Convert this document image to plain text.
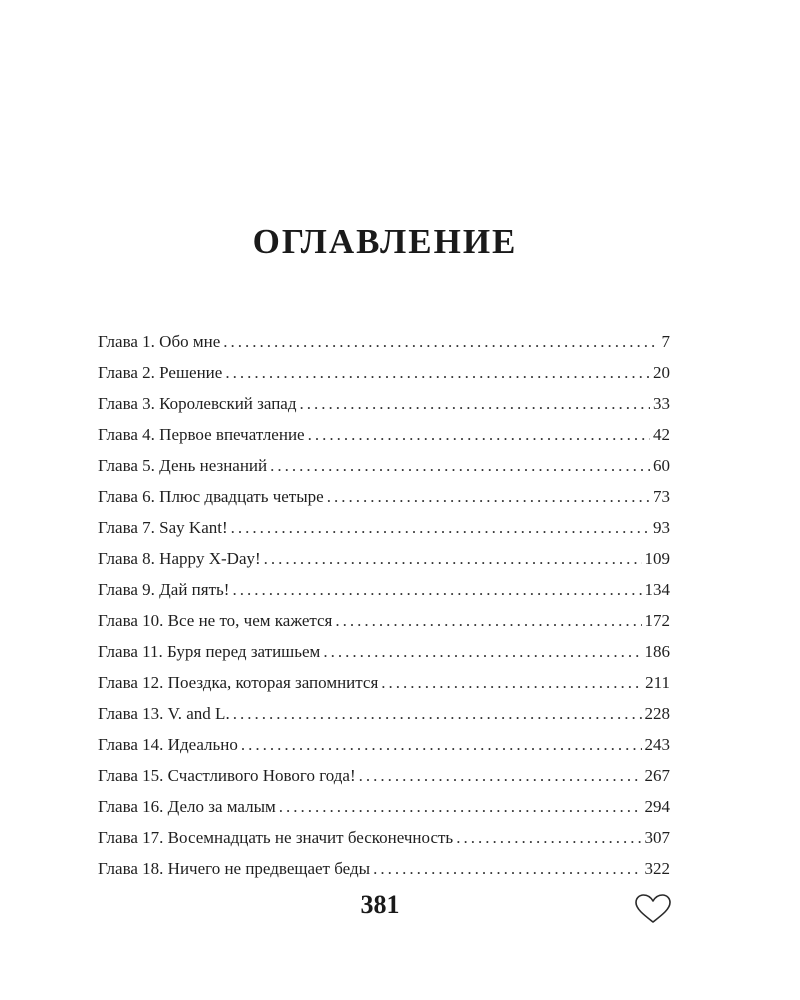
ОГЛАВЛЕНИЕ
Глава 1. Обо мне .....	7
Глава 2. Решение .....	20
Глава 3. Королевский запад .....	33
Глава 4. Первое впечатление .....	42
Глава 5. День незнаний .....	60
Глава 6. Плюс двадцать четыре .....	73
Глава 7. Say Kant! .....	93
Глава 8. Happy X-Day! .....	109
Глава 9. Дай пять! .....	134
Глава 10. Все не то, чем кажется .....	172
Глава 11. Буря перед затишьем .....	186
Глава 12. Поездка, которая запомнится .....	211
Глава 13. V. and L. .....	228
Глава 14. Идеально .....	243
Глава 15. Счастливого Нового года! .....	267
Глава 16. Дело за малым .....	294
Глава 17. Восемнадцать не значит бесконечность .....	307
Глава 18. Ничего не предвещает беды .....	322
381
